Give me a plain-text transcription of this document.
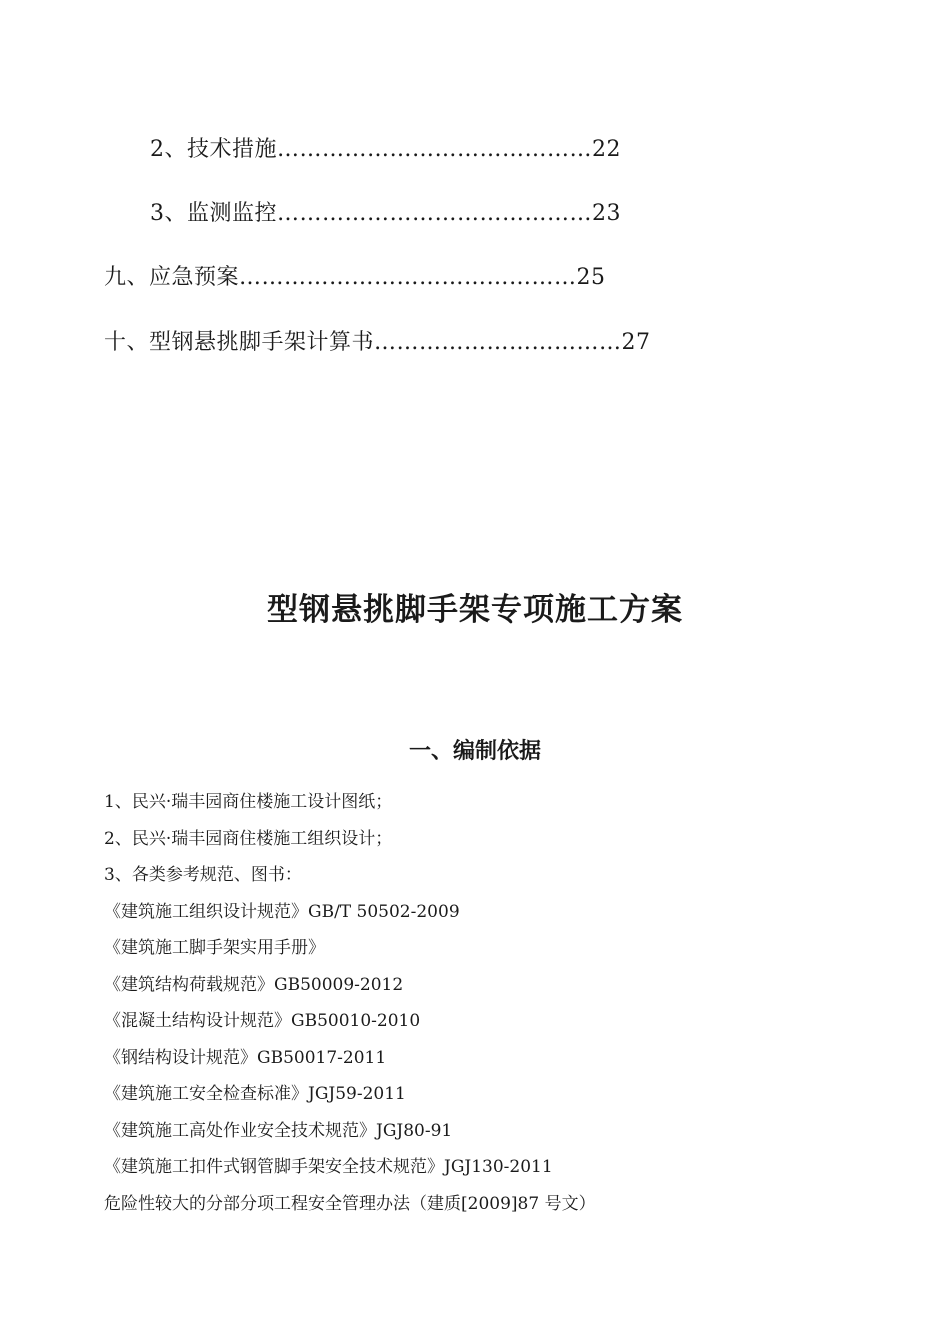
2、技术措施……………………………………22
3、监测监控……………………………………23
九、应急预案………………………………………25
十、型钢悬挑脚手架计算书……………………………27
型钢悬挑脚手架专项施工方案
一、编制依据
1、民兴·瑞丰园商住楼施工设计图纸；
2、民兴·瑞丰园商住楼施工组织设计；
3、各类参考规范、图书：
《建筑施工组织设计规范》GB/T 50502-2009
《建筑施工脚手架实用手册》
《建筑结构荷载规范》GB50009-2012
《混凝土结构设计规范》GB50010-2010
《钢结构设计规范》GB50017-2011
《建筑施工安全检查标准》JGJ59-2011
《建筑施工高处作业安全技术规范》JGJ80-91
《建筑施工扣件式钢管脚手架安全技术规范》JGJ130-2011
危险性较大的分部分项工程安全管理办法（建质[2009]87 号文）
